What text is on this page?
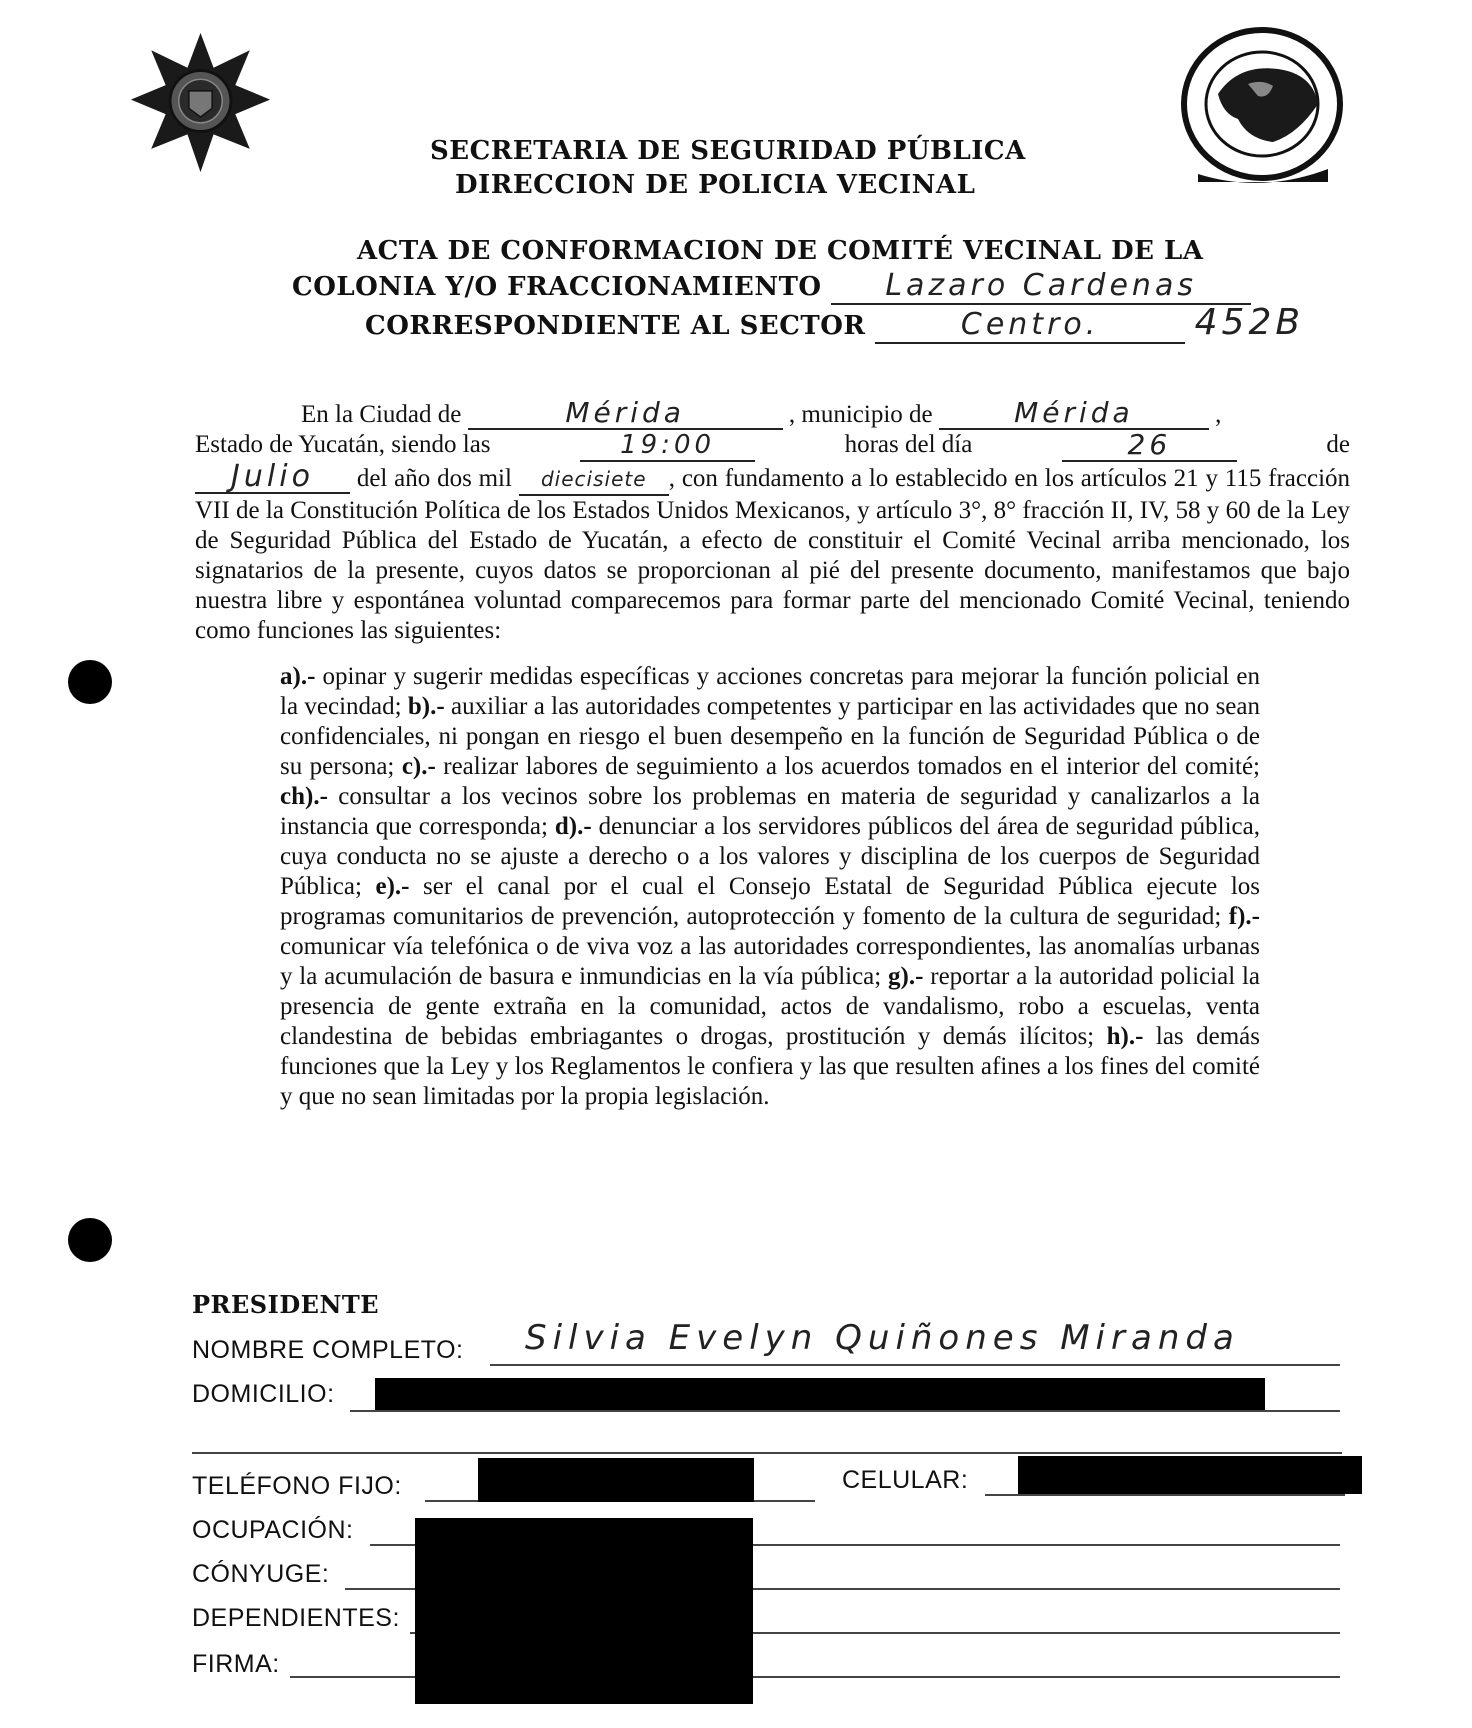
SECRETARIA DE SEGURIDAD PÚBLICA
DIRECCION DE POLICIA VECINAL
ACTA DE CONFORMACION DE COMITÉ VECINAL DE LA
COLONIA Y/O FRACCIONAMIENTO Lazaro Cardenas
CORRESPONDIENTE AL SECTOR	Centro.	452B
En la Ciudad de	Mérida	, municipio de	Mérida	,
Estado de Yucatán, siendo las	19:00	horas del día	26	de
Julio del año dos mil diecisiete , con fundamento a lo establecido en los artículos 21 y 115 fracción VII de la Constitución Política de los Estados Unidos Mexicanos, y artículo 3°, 8° fracción II, IV, 58 y 60 de la Ley de Seguridad Pública del Estado de Yucatán, a efecto de constituir el Comité Vecinal arriba mencionado, los signatarios de la presente, cuyos datos se proporcionan al pié del presente documento, manifestamos que bajo nuestra libre y espontánea voluntad comparecemos para formar parte del mencionado Comité Vecinal, teniendo como funciones las siguientes:
a).- opinar y sugerir medidas específicas y acciones concretas para mejorar la función policial en la vecindad; b).- auxiliar a las autoridades competentes y participar en las actividades que no sean confidenciales, ni pongan en riesgo el buen desempeño en la función de Seguridad Pública o de su persona; c).- realizar labores de seguimiento a los acuerdos tomados en el interior del comité; ch).- consultar a los vecinos sobre los problemas en materia de seguridad y canalizarlos a la instancia que corresponda; d).- denunciar a los servidores públicos del área de seguridad pública, cuya conducta no se ajuste a derecho o a los valores y disciplina de los cuerpos de Seguridad Pública; e).- ser el canal por el cual el Consejo Estatal de Seguridad Pública ejecute los programas comunitarios de prevención, autoprotección y fomento de la cultura de seguridad; f).- comunicar vía telefónica o de viva voz a las autoridades correspondientes, las anomalías urbanas y la acumulación de basura e inmundicias en la vía pública; g).- reportar a la autoridad policial la presencia de gente extraña en la comunidad, actos de vandalismo, robo a escuelas, venta clandestina de bebidas embriagantes o drogas, prostitución y demás ilícitos; h).- las demás funciones que la Ley y los Reglamentos le confiera y las que resulten afines a los fines del comité y que no sean limitadas por la propia legislación.
PRESIDENTE
NOMBRE COMPLETO: Silvia Evelyn Quiñones Miranda
DOMICILIO:
TELÉFONO FIJO:	CELULAR:
OCUPACIÓN:
CÓNYUGE:
DEPENDIENTES:
FIRMA:
